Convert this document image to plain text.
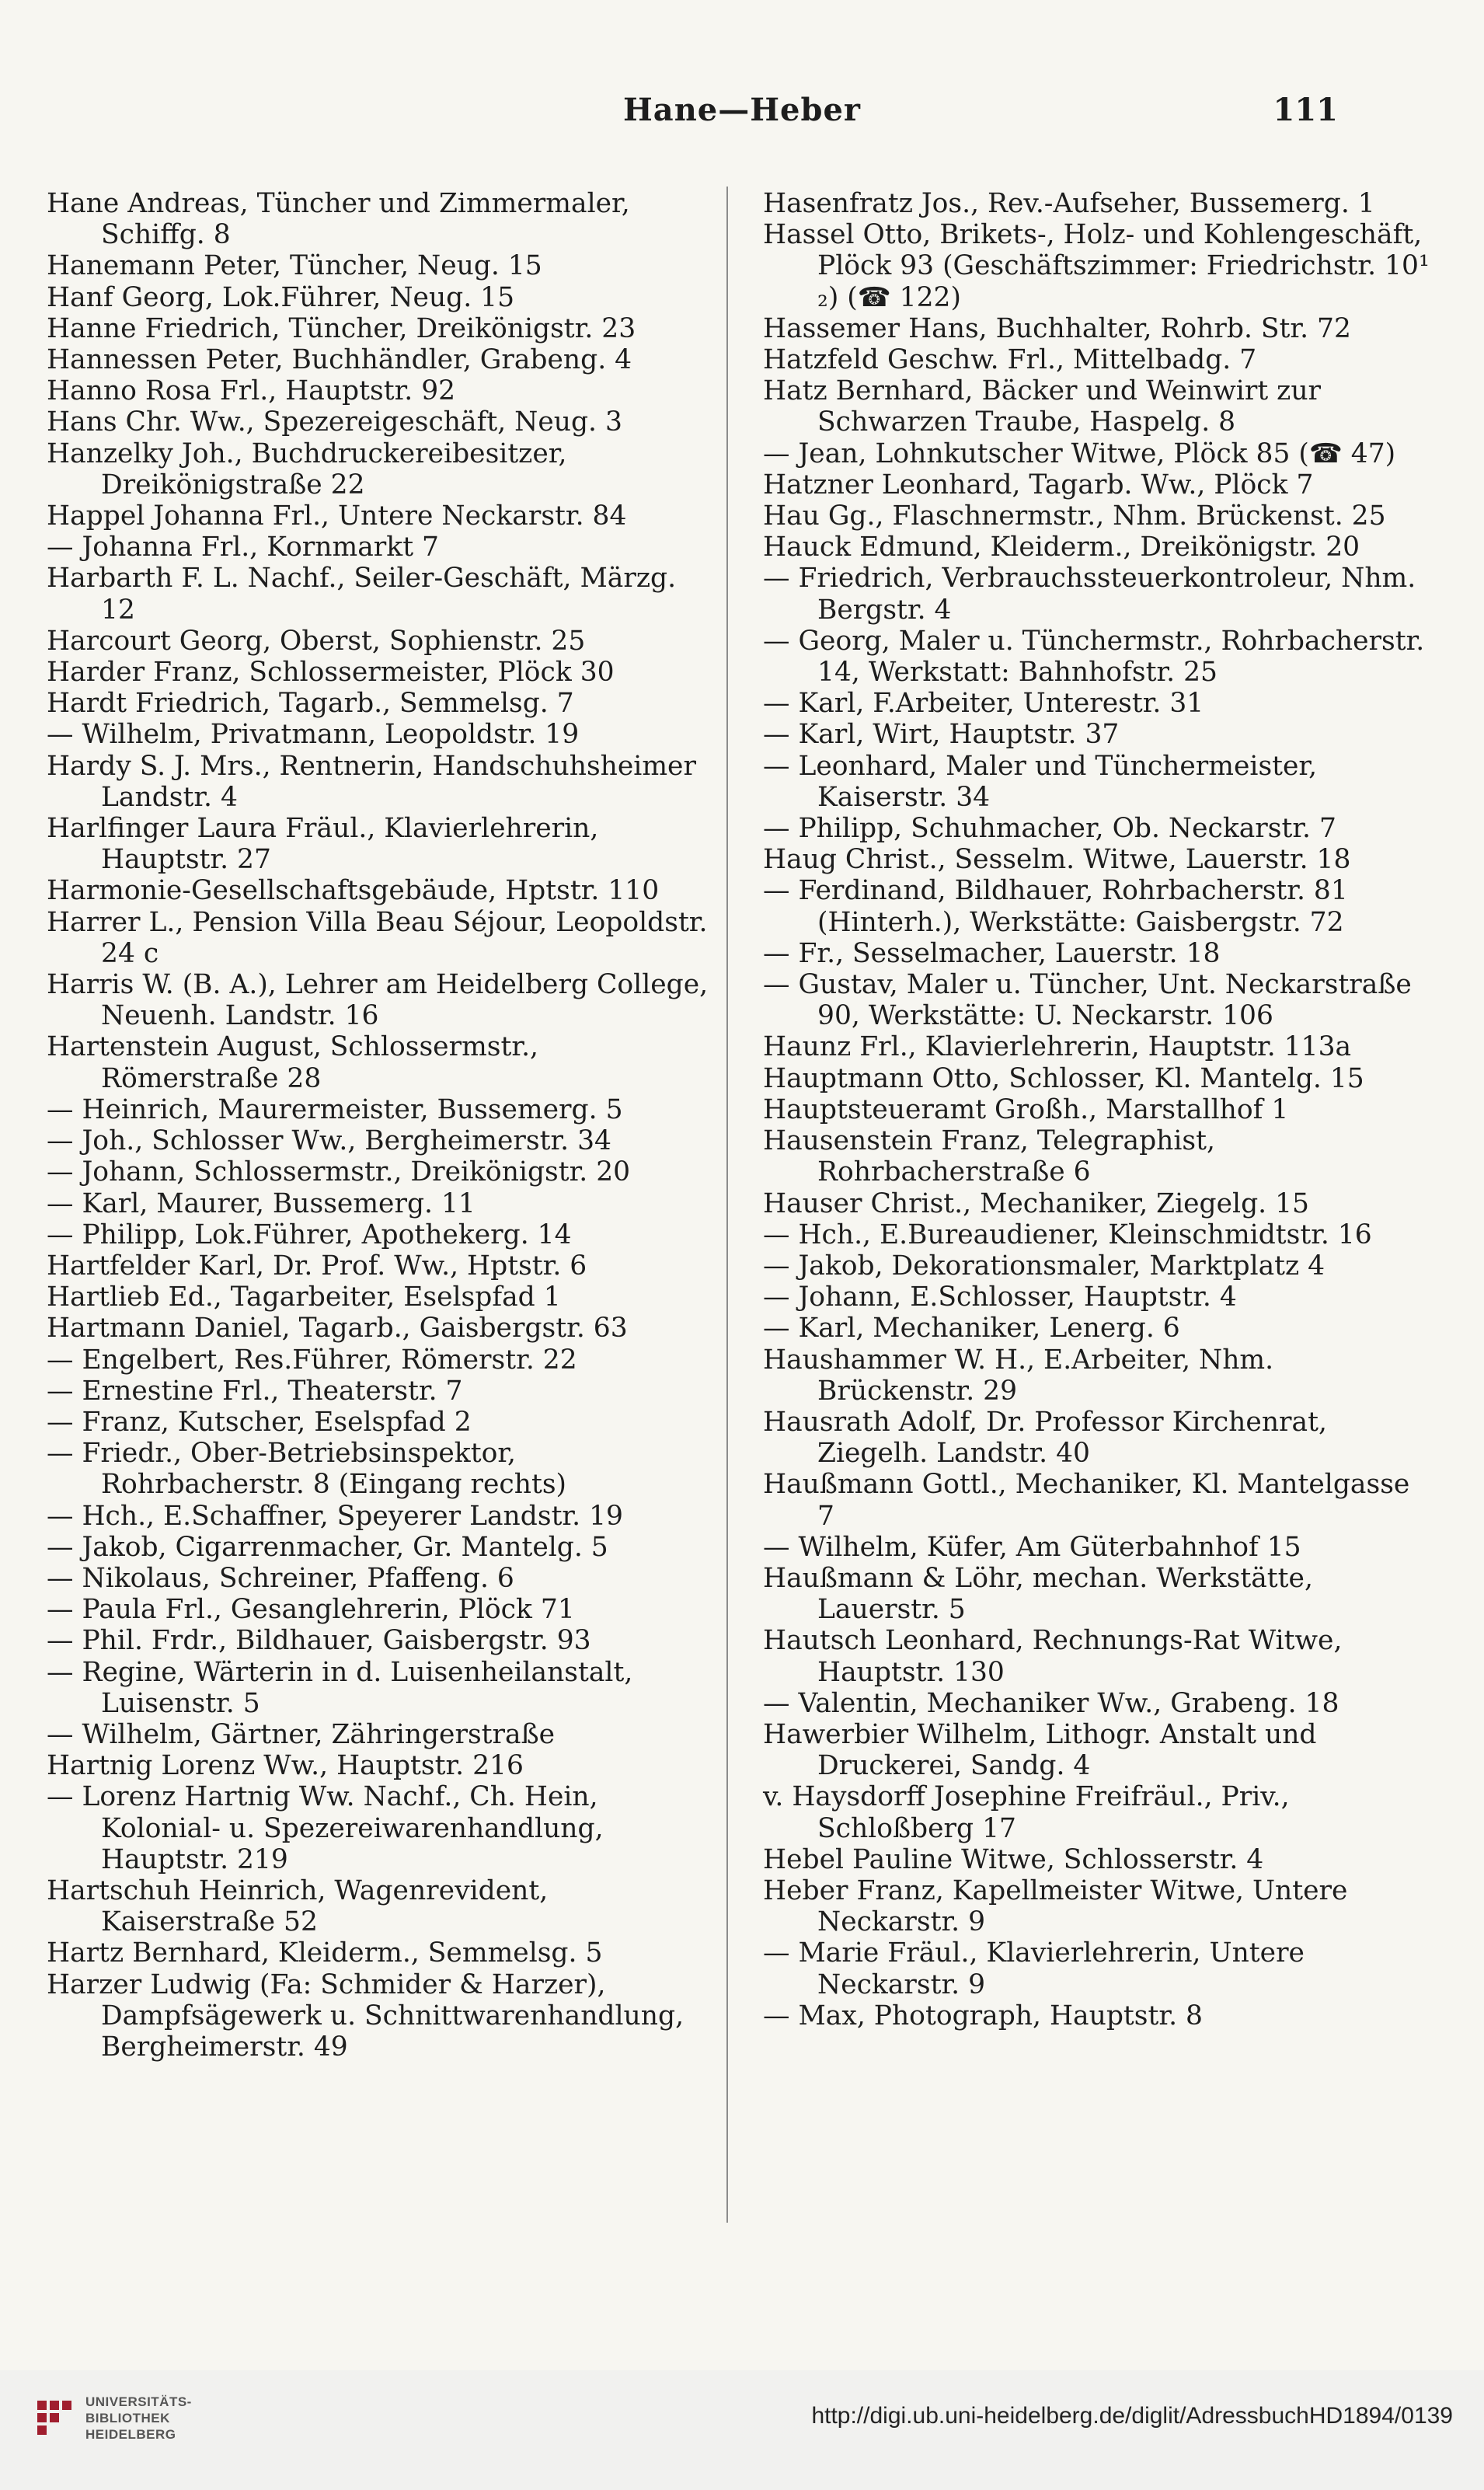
Hane—Heber	111
Hane Andreas, Tüncher und Zimmermaler, Schiffg. 8
Hanemann Peter, Tüncher, Neug. 15
Hanf Georg, Lok.Führer, Neug. 15
Hanne Friedrich, Tüncher, Dreikönigstr. 23
Hannessen Peter, Buchhändler, Grabeng. 4
Hanno Rosa Frl., Hauptstr. 92
Hans Chr. Ww., Spezereigeschäft, Neug. 3
Hanzelky Joh., Buchdruckereibesitzer, Dreikönigstraße 22
Happel Johanna Frl., Untere Neckarstr. 84
— Johanna Frl., Kornmarkt 7
Harbarth F. L. Nachf., Seiler-Geschäft, Märzg. 12
Harcourt Georg, Oberst, Sophienstr. 25
Harder Franz, Schlossermeister, Plöck 30
Hardt Friedrich, Tagarb., Semmelsg. 7
— Wilhelm, Privatmann, Leopoldstr. 19
Hardy S. J. Mrs., Rentnerin, Handschuhsheimer Landstr. 4
Harlfinger Laura Fräul., Klavierlehrerin, Hauptstr. 27
Harmonie-Gesellschaftsgebäude, Hptstr. 110
Harrer L., Pension Villa Beau Séjour, Leopoldstr. 24 c
Harris W. (B. A.), Lehrer am Heidelberg College, Neuenh. Landstr. 16
Hartenstein August, Schlossermstr., Römerstraße 28
— Heinrich, Maurermeister, Bussemerg. 5
— Joh., Schlosser Ww., Bergheimerstr. 34
— Johann, Schlossermstr., Dreikönigstr. 20
— Karl, Maurer, Bussemerg. 11
— Philipp, Lok.Führer, Apothekerg. 14
Hartfelder Karl, Dr. Prof. Ww., Hptstr. 6
Hartlieb Ed., Tagarbeiter, Eselspfad 1
Hartmann Daniel, Tagarb., Gaisbergstr. 63
— Engelbert, Res.Führer, Römerstr. 22
— Ernestine Frl., Theaterstr. 7
— Franz, Kutscher, Eselspfad 2
— Friedr., Ober-Betriebsinspektor, Rohrbacherstr. 8 (Eingang rechts)
— Hch., E.Schaffner, Speyerer Landstr. 19
— Jakob, Cigarrenmacher, Gr. Mantelg. 5
— Nikolaus, Schreiner, Pfaffeng. 6
— Paula Frl., Gesanglehrerin, Plöck 71
— Phil. Frdr., Bildhauer, Gaisbergstr. 93
— Regine, Wärterin in d. Luisenheilanstalt, Luisenstr. 5
— Wilhelm, Gärtner, Zähringerstraße
Hartnig Lorenz Ww., Hauptstr. 216
— Lorenz Hartnig Ww. Nachf., Ch. Hein, Kolonial- u. Spezereiwarenhandlung, Hauptstr. 219
Hartschuh Heinrich, Wagenrevident, Kaiserstraße 52
Hartz Bernhard, Kleiderm., Semmelsg. 5
Harzer Ludwig (Fa: Schmider & Harzer), Dampfsägewerk u. Schnittwarenhandlung, Bergheimerstr. 49
Hasenfratz Jos., Rev.-Aufseher, Bussemerg. 1
Hassel Otto, Brikets-, Holz- und Kohlengeschäft, Plöck 93 (Geschäftszimmer: Friedrichstr. 10¹ ₂) (☎ 122)
Hassemer Hans, Buchhalter, Rohrb. Str. 72
Hatzfeld Geschw. Frl., Mittelbadg. 7
Hatz Bernhard, Bäcker und Weinwirt zur Schwarzen Traube, Haspelg. 8
— Jean, Lohnkutscher Witwe, Plöck 85 (☎ 47)
Hatzner Leonhard, Tagarb. Ww., Plöck 7
Hau Gg., Flaschnermstr., Nhm. Brückenst. 25
Hauck Edmund, Kleiderm., Dreikönigstr. 20
— Friedrich, Verbrauchssteuerkontroleur, Nhm. Bergstr. 4
— Georg, Maler u. Tünchermstr., Rohrbacherstr. 14, Werkstatt: Bahnhofstr. 25
— Karl, F.Arbeiter, Unterestr. 31
— Karl, Wirt, Hauptstr. 37
— Leonhard, Maler und Tünchermeister, Kaiserstr. 34
— Philipp, Schuhmacher, Ob. Neckarstr. 7
Haug Christ., Sesselm. Witwe, Lauerstr. 18
— Ferdinand, Bildhauer, Rohrbacherstr. 81 (Hinterh.), Werkstätte: Gaisbergstr. 72
— Fr., Sesselmacher, Lauerstr. 18
— Gustav, Maler u. Tüncher, Unt. Neckarstraße 90, Werkstätte: U. Neckarstr. 106
Haunz Frl., Klavierlehrerin, Hauptstr. 113a
Hauptmann Otto, Schlosser, Kl. Mantelg. 15
Hauptsteueramt Großh., Marstallhof 1
Hausenstein Franz, Telegraphist, Rohrbacherstraße 6
Hauser Christ., Mechaniker, Ziegelg. 15
— Hch., E.Bureaudiener, Kleinschmidtstr. 16
— Jakob, Dekorationsmaler, Marktplatz 4
— Johann, E.Schlosser, Hauptstr. 4
— Karl, Mechaniker, Lenerg. 6
Haushammer W. H., E.Arbeiter, Nhm. Brückenstr. 29
Hausrath Adolf, Dr. Professor Kirchenrat, Ziegelh. Landstr. 40
Haußmann Gottl., Mechaniker, Kl. Mantelgasse 7
— Wilhelm, Küfer, Am Güterbahnhof 15
Haußmann & Löhr, mechan. Werkstätte, Lauerstr. 5
Hautsch Leonhard, Rechnungs-Rat Witwe, Hauptstr. 130
— Valentin, Mechaniker Ww., Grabeng. 18
Hawerbier Wilhelm, Lithogr. Anstalt und Druckerei, Sandg. 4
v. Haysdorff Josephine Freifräul., Priv., Schloßberg 17
Hebel Pauline Witwe, Schlosserstr. 4
Heber Franz, Kapellmeister Witwe, Untere Neckarstr. 9
— Marie Fräul., Klavierlehrerin, Untere Neckarstr. 9
— Max, Photograph, Hauptstr. 8
UNIVERSITÄTS-
BIBLIOTHEK
HEIDELBERG
http://digi.ub.uni-heidelberg.de/diglit/AdressbuchHD1894/0139
